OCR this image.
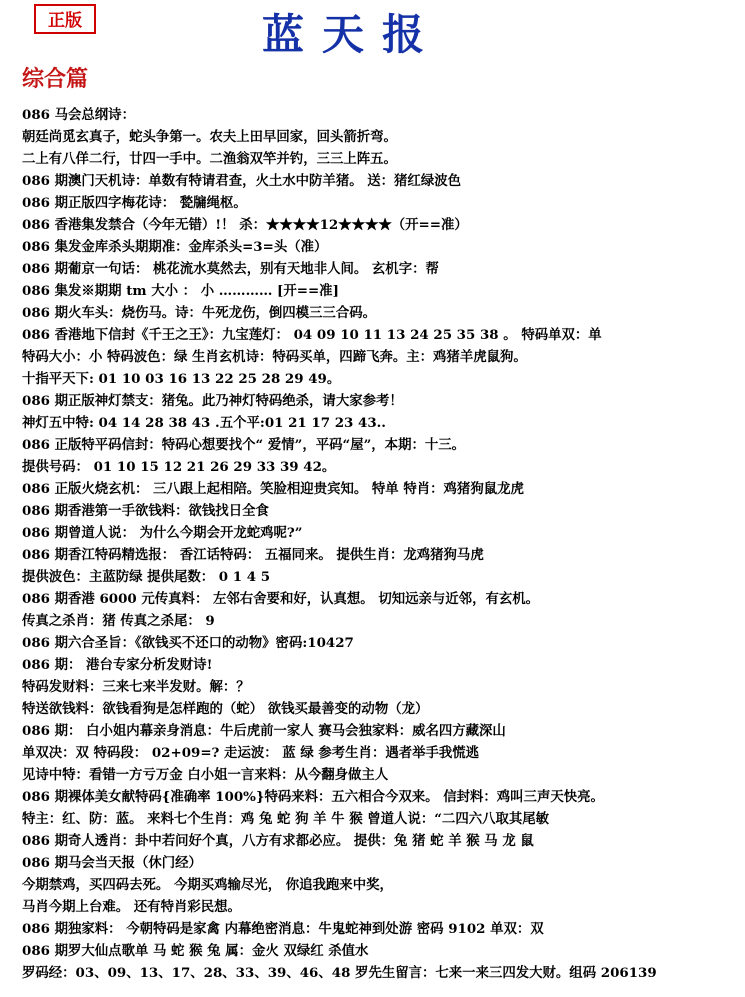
正版	蓝天报
综合篇
086 马会总纲诗：
朝廷尚觅玄真子，蛇头争第一。农夫上田早回家，回头箭折弯。
二上有八佯二行，廿四一手中。二渔翁双竿并钓，三三上阵五。
086 期澳门天机诗：单数有特请君查，火土水中防羊猪。 送：猪红绿波色
086 期正版四字梅花诗： 甃牖绳枢。
086 香港集发禁合（今年无错）!！ 杀：★★★★12★★★★（开==准）
086 集发金库杀头期期准：金库杀头=3=头（准）
086 期葡京一句话： 桃花流水莫然去，别有天地非人间。 玄机字：帮
086 集发※期期 tm 大小 ： 小 ………… [开==准]
086 期火车头：烧伤马。诗：牛死龙伤，倒四模三三合码。
086 香港地下信封《千王之王》：九宝莲灯： 04 09 10 11 13 24 25 35 38 。 特码单双：单
特码大小：小 特码波色：绿 生肖玄机诗：特码买单，四蹄飞奔。主：鸡猪羊虎鼠狗。
十指平天下: 01 10 03 16 13 22 25 28 29 49。
086 期正版神灯禁支：猪兔。此乃神灯特码绝杀，请大家参考！
神灯五中特: 04 14 28 38 43 .五个平:01 21 17 23 43..
086 正版特平码信封：特码心想要找个“ 爱情”，平码“屋”，本期：十三。
提供号码： 01 10 15 12 21 26 29 33 39 42。
086 正版火烧玄机： 三八跟上起相陪。笑脸相迎贵宾知。 特单 特肖：鸡猪狗鼠龙虎
086 期香港第一手欲钱料：欲钱找日全食
086 期曾道人说： 为什么今期会开龙蛇鸡呢?”
086 期香江特码精选报： 香江话特码： 五福同来。 提供生肖：龙鸡猪狗马虎
提供波色：主蓝防绿 提供尾数： 0 1 4 5
086 期香港 6000 元传真料： 左邻右舍要和好，认真想。 切知远亲与近邻，有玄机。
传真之杀肖：猪 传真之杀尾： 9
086 期六合圣旨：《欲钱买不还口的动物》密码:10427
086 期： 港台专家分析发财诗!
特码发财料：三来七来半发财。解：？
特送欲钱料：欲钱看狗是怎样跑的（蛇） 欲钱买最善变的动物（龙）
086 期： 白小姐内幕亲身消息：牛后虎前一家人 赛马会独家料：威名四方藏深山
单双决：双 特码段： 02+09=? 走运波： 蓝 绿 参考生肖：遇者举手我慌逃
见诗中特：看错一方亏万金 白小姐一言来料：从今翻身做主人
086 期裸体美女献特码{准确率 100%}特码来料：五六相合今双来。 信封料：鸡叫三声天快亮。
特主：红、防：蓝。 来料七个生肖：鸡 兔 蛇 狗 羊 牛 猴 曾道人说：“二四六八取其尾敏
086 期奇人透肖：卦中若问好个真，八方有求都必应。 提供：兔 猪 蛇 羊 猴 马 龙 鼠
086 期马会当天报（休门经）
今期禁鸡，买四码去死。 今期买鸡输尽光， 你追我跑来中奖，
马肖今期上台难。 还有特肖彩民想。
086 期独家料： 今朝特码是家禽 内幕绝密消息：牛鬼蛇神到处游 密码 9102 单双：双
086 期罗大仙点歌单 马 蛇 猴 兔 属：金火 双绿红 杀值水
罗码经：03、09、13、17、28、33、39、46、48 罗先生留言：七来一来三四发大财。组码 206139
